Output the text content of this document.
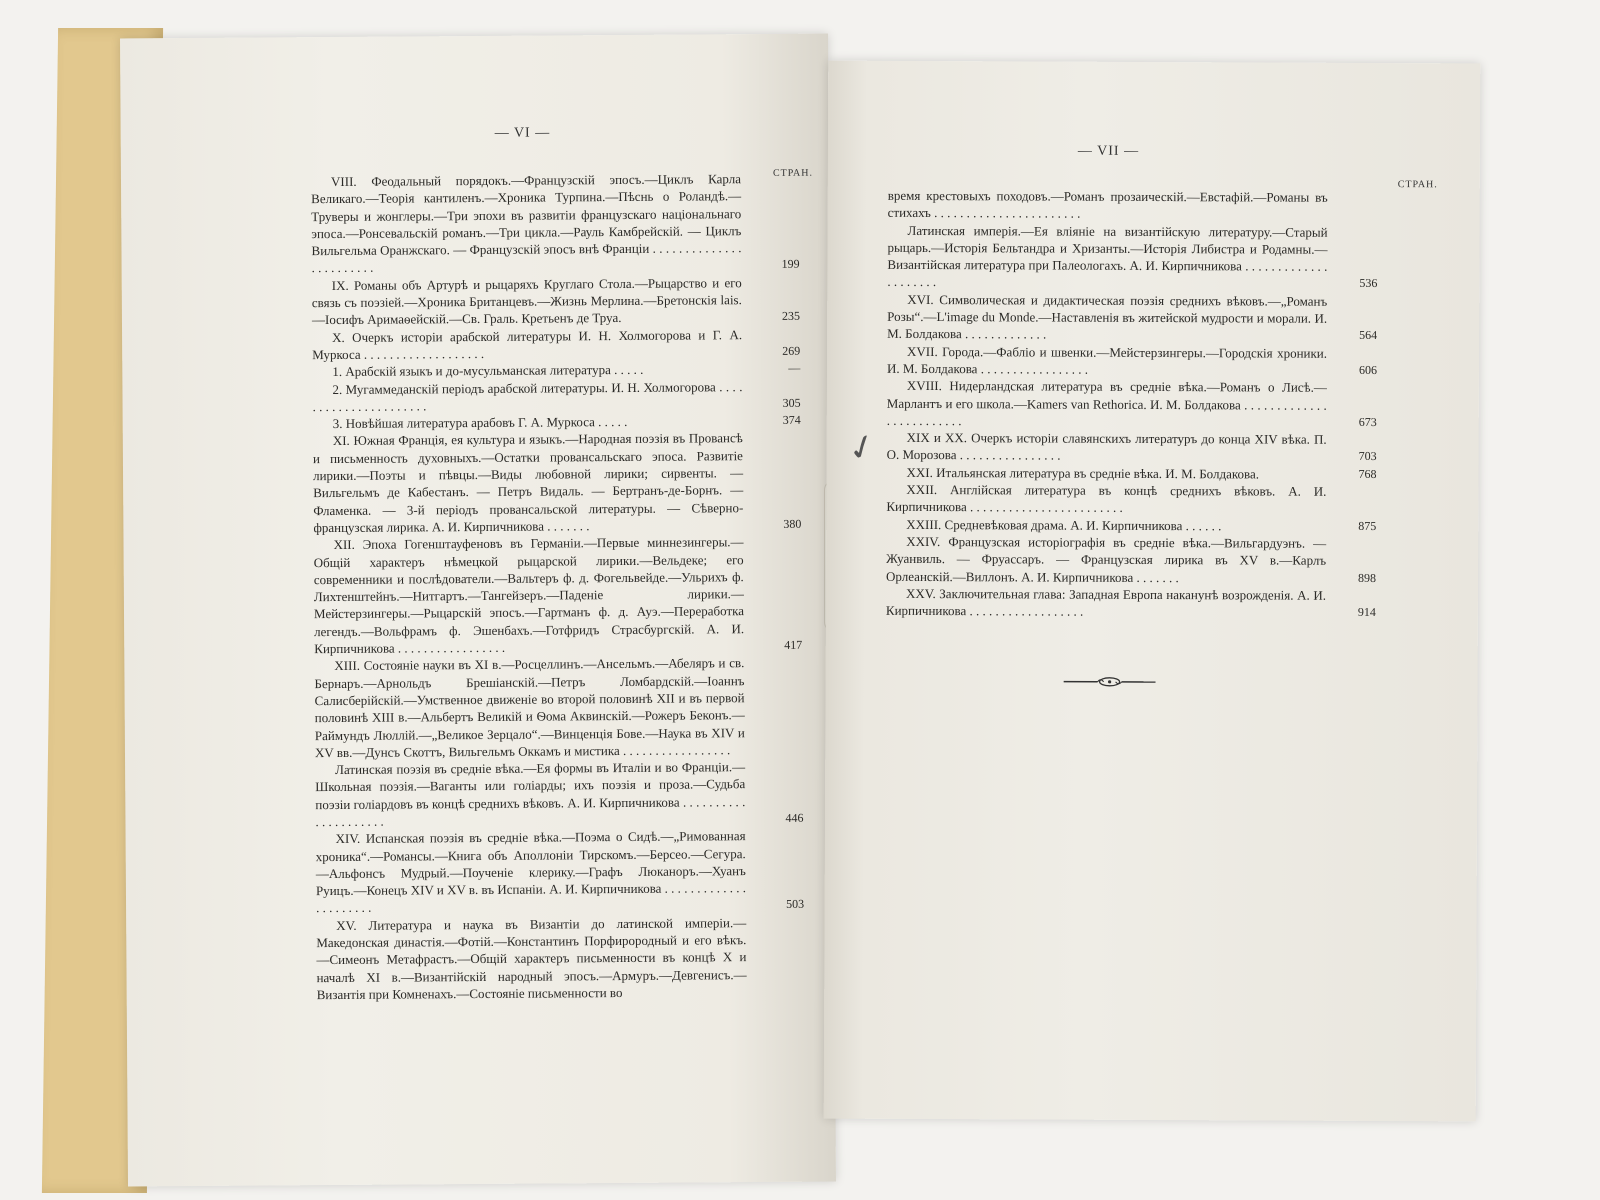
— VI —
СТРАН.
VIII. Феодальный порядокъ.—Французскій эпосъ.—Циклъ Карла Великаго.—Теорія кантиленъ.—Хроника Турпина.—Пѣснь о Роландѣ.—Труверы и жонглеры.—Три эпохи въ развитіи французскаго національнаго эпоса.—Ронсевальскій романъ.—Три цикла.—Рауль Камбрейскій. — Циклъ Вильгельма Оранжскаго. — Французскій эпосъ внѣ Франціи . . . . . . . . . . . . . . . . . . . . . . . .	199
IX. Романы объ Артурѣ и рыцаряхъ Круглаго Стола.—Рыцарство и его связь съ поэзіей.—Хроника Британцевъ.—Жизнь Мерлина.—Бретонскія lais.—Іосифъ Аримаѳейскій.—Св. Граль. Кретьенъ де Труа.	235
X. Очеркъ исторіи арабской литературы И. Н. Холмогорова и Г. А. Муркоса . . . . . . . . . . . . . . . . . . .	269
1. Арабскій языкъ и до-мусульманская литература . . . . .	—
2. Мугаммеданскій періодъ арабской литературы. И. Н. Холмогорова . . . . . . . . . . . . . . . . . . . . . .	305
3. Новѣйшая литература арабовъ Г. А. Муркоса . . . . .	374
XI. Южная Франція, ея культура и языкъ.—Народная поэзія въ Провансѣ и письменность духовныхъ.—Остатки провансальскаго эпоса. Развитіе лирики.—Поэты и пѣвцы.—Виды любовной лирики; сирвенты. — Вильгельмъ де Кабестанъ. — Петръ Видаль. — Бертранъ-де-Борнъ. — Фламенка. — 3-й періодъ провансальской литературы. — Сѣверно-французская лирика. А. И. Кирпичникова . . . . . . .	380
XII. Эпоха Гогенштауфеновъ въ Германіи.—Первые миннезингеры.—Общій характеръ нѣмецкой рыцарской лирики.—Вельдеке; его современники и послѣдователи.—Вальтеръ ф. д. Фогельвейде.—Ульрихъ ф. Лихтенштейнъ.—Нитгартъ.—Тангейзеръ.—Паденіе лирики.—Мейстерзингеры.—Рыцарскій эпосъ.—Гартманъ ф. д. Ауэ.—Переработка легендъ.—Вольфрамъ ф. Эшенбахъ.—Готфридъ Страсбургскій. А. И. Кирпичникова . . . . . . . . . . . . . . . . .	417
XIII. Состояніе науки въ XI в.—Росцеллинъ.—Ансельмъ.—Абеляръ и св. Бернаръ.—Арнольдъ Брешіанскій.—Петръ Ломбардскій.—Іоаннъ Салисберійскій.—Умственное движеніе во второй половинѣ XII и въ первой половинѣ XIII в.—Альбертъ Великій и Ѳома Аквинскій.—Рожеръ Беконъ.—Раймундъ Люллій.—„Великое Зерцало“.—Винценція Бове.—Наука въ XIV и XV вв.—Дунсъ Скоттъ, Вильгельмъ Оккамъ и мистика . . . . . . . . . . . . . . . . .
Латинская поэзія въ средніе вѣка.—Ея формы въ Италіи и во Франціи.—Школьная поэзія.—Ваганты или голіарды; ихъ поэзія и проза.—Судьба поэзіи голіардовъ въ концѣ среднихъ вѣковъ. А. И. Кирпичникова . . . . . . . . . . . . . . . . . . . . .	446
XIV. Испанская поэзія въ средніе вѣка.—Поэма о Сидѣ.—„Римованная хроника“.—Романсы.—Книга объ Аполлоніи Тирскомъ.—Берсео.—Сегура.—Альфонсъ Мудрый.—Поученіе клерику.—Графъ Люканоръ.—Хуанъ Руицъ.—Конецъ XIV и XV в. въ Испаніи. А. И. Кирпичникова . . . . . . . . . . . . . . . . . . . . . .	503
XV. Литература и наука въ Византіи до латинской имперіи.—Македонская династія.—Фотій.—Константинъ Порфирородный и его вѣкъ.—Симеонъ Метафрастъ.—Общій характеръ письменности въ концѣ X и началѣ XI в.—Византійскій народный эпосъ.—Армуръ.—Девгенисъ.—Византія при Комненахъ.—Состояніе письменности во
— VII —
СТРАН.
время крестовыхъ походовъ.—Романъ прозаическій.—Евстафій.—Романы въ стихахъ . . . . . . . . . . . . . . . . . . . . . . .
Латинская имперія.—Ея вліяніе на византійскую литературу.—Старый рыцарь.—Исторія Бельтандра и Хризанты.—Исторія Либистра и Родамны.—Византійская литература при Палеологахъ. А. И. Кирпичникова . . . . . . . . . . . . . . . . . . . . .	536
XVI. Символическая и дидактическая поэзія среднихъ вѣковъ.—„Романъ Розы“.—L'image du Monde.—Наставленія въ житейской мудрости и морали. И. М. Болдакова . . . . . . . . . . . . .	564
XVII. Города.—Фабліо и швенки.—Мейстерзингеры.—Городскія хроники. И. М. Болдакова . . . . . . . . . . . . . . . . .	606
XVIII. Нидерландская литература въ средніе вѣка.—Романъ о Лисѣ.—Марлантъ и его школа.—Kamers van Rethorica. И. М. Болдакова . . . . . . . . . . . . . . . . . . . . . . . . .	673
XIX и XX. Очеркъ исторіи славянскихъ литературъ до конца XIV вѣка. П. О. Морозова . . . . . . . . . . . . . . . .	703
XXI. Итальянская литература въ средніе вѣка. И. М. Болдакова.	768
XXII. Англійская литература въ концѣ среднихъ вѣковъ. А. И. Кирпичникова . . . . . . . . . . . . . . . . . . . . . . . .
XXIII. Средневѣковая драма. А. И. Кирпичникова . . . . . .	875
XXIV. Французская исторіографія въ средніе вѣка.—Вильгардуэнъ. — Жуанвиль. — Фруассаръ. — Французская лирика въ XV в.—Карлъ Орлеанскій.—Виллонъ. А. И. Кирпичникова . . . . . . .	898
XXV. Заключительная глава: Западная Европа наканунѣ возрожденія. А. И. Кирпичникова . . . . . . . . . . . . . . . . . .	914
✓
